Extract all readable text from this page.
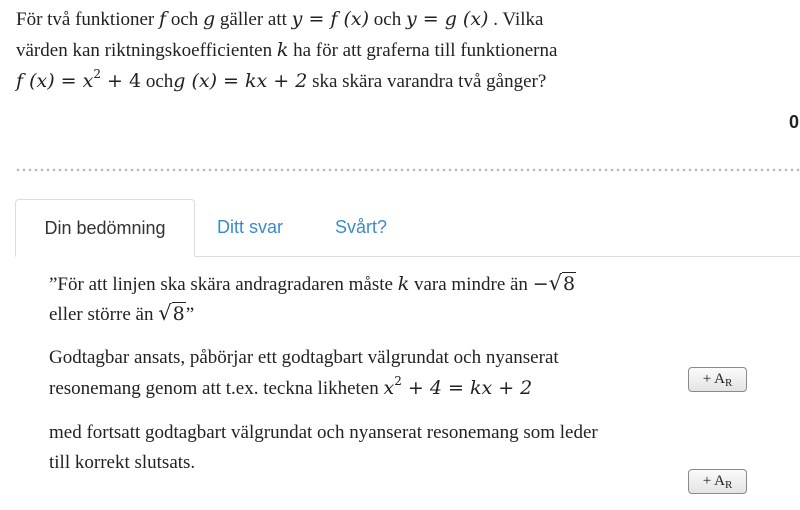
För två funktioner f och g gäller att y = f (x) och y = g (x) . Vilka
värden kan riktningskoefficienten k ha för att graferna till funktionerna
f $(x) = x^2 + 4$ ochg (x) = kx + 2 ska skära varandra två gånger?
0
Din bedömning	Ditt svar	Svårt?
”För att linjen ska skära andragradaren måste k vara mindre än −√8
eller större än √8”
Godtagbar ansats, påbörjar ett godtagbart välgrundat och nyanserat
resonemang genom att t.ex. teckna likheten $x^2 + 4$ = kx + 2
med fortsatt godtagbart välgrundat och nyanserat resonemang som leder
till korrekt slutsats.
+ $A_R$
+ $A_R$
